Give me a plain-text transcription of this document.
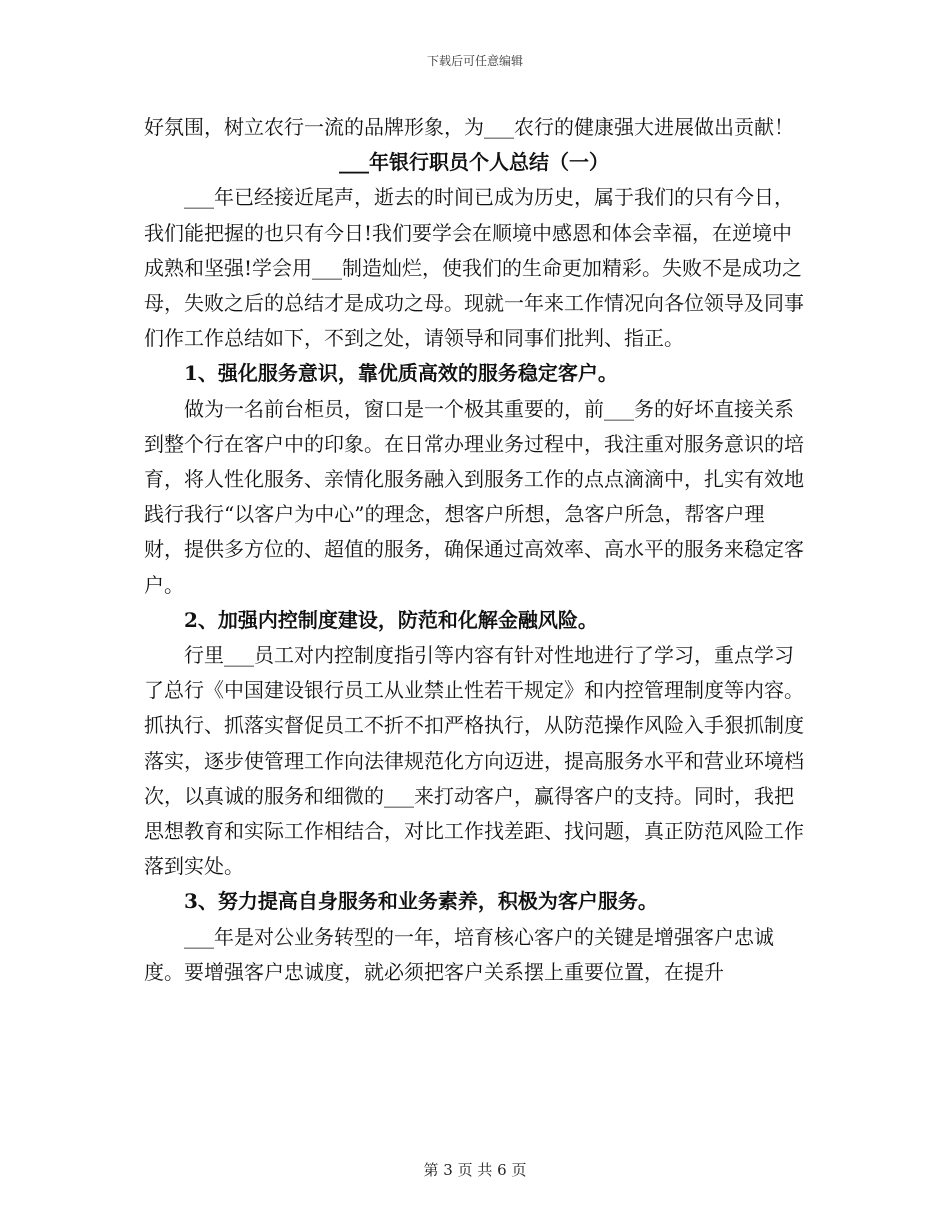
下载后可任意编辑

好氛围，树立农行一流的品牌形象，为___农行的健康强大进展做出贡献！

___年银行职员个人总结（一）

___年已经接近尾声，逝去的时间已成为历史，属于我们的只有今日，我们能把握的也只有今日!我们要学会在顺境中感恩和体会幸福，在逆境中成熟和坚强!学会用___制造灿烂，使我们的生命更加精彩。失败不是成功之母，失败之后的总结才是成功之母。现就一年来工作情况向各位领导及同事们作工作总结如下，不到之处，请领导和同事们批判、指正。

1、强化服务意识，靠优质高效的服务稳定客户。

做为一名前台柜员，窗口是一个极其重要的，前___务的好坏直接关系到整个行在客户中的印象。在日常办理业务过程中，我注重对服务意识的培育，将人性化服务、亲情化服务融入到服务工作的点点滴滴中，扎实有效地践行我行“以客户为中心”的理念，想客户所想，急客户所急，帮客户理财，提供多方位的、超值的服务，确保通过高效率、高水平的服务来稳定客户。

2、加强内控制度建设，防范和化解金融风险。

行里___员工对内控制度指引等内容有针对性地进行了学习，重点学习了总行《中国建设银行员工从业禁止性若干规定》和内控管理制度等内容。抓执行、抓落实督促员工不折不扣严格执行，从防范操作风险入手狠抓制度落实，逐步使管理工作向法律规范化方向迈进，提高服务水平和营业环境档次，以真诚的服务和细微的___来打动客户，赢得客户的支持。同时，我把思想教育和实际工作相结合，对比工作找差距、找问题，真正防范风险工作落到实处。

3、努力提高自身服务和业务素养，积极为客户服务。

___年是对公业务转型的一年，培育核心客户的关键是增强客户忠诚度。要增强客户忠诚度，就必须把客户关系摆上重要位置，在提升

第 3 页 共 6 页
